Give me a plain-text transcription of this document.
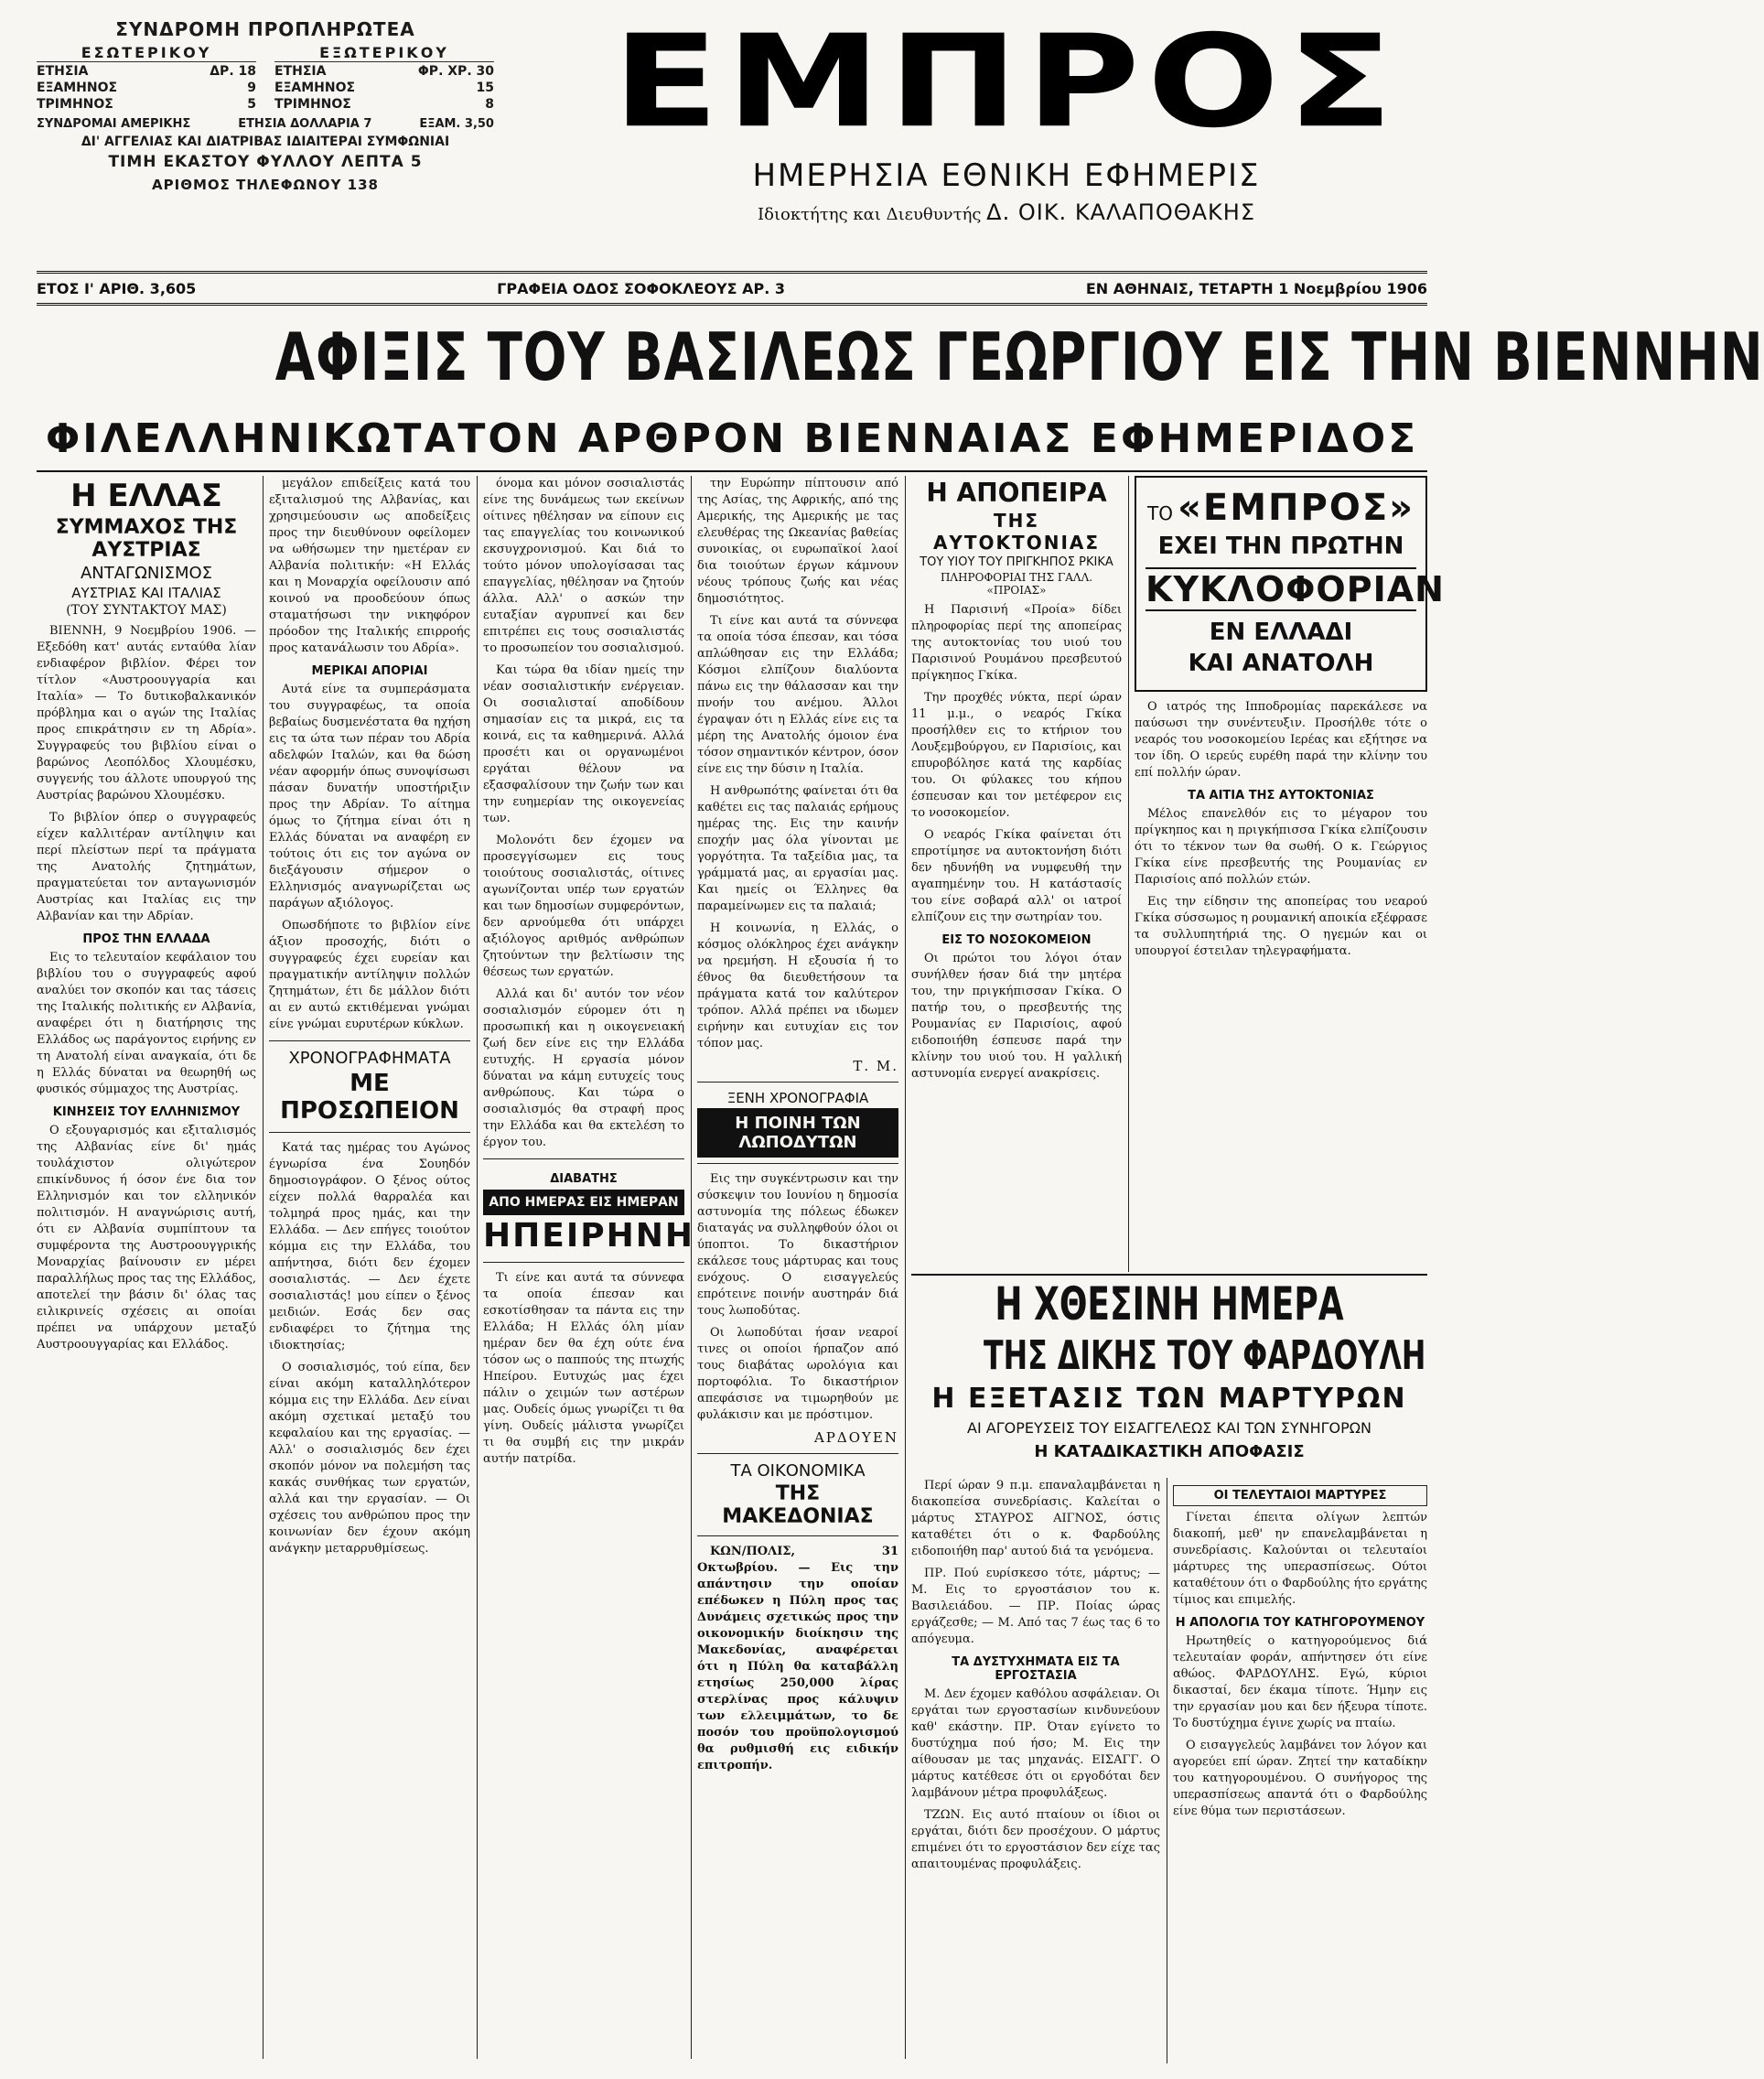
ΣΥΝΔΡΟΜΗ ΠΡΟΠΛΗΡΩΤΕΑ
ΕΣΩΤΕΡΙΚΟΥ
ΕΤΗΣΙΑ	ΔΡ. 18
ΕΞΑΜΗΝΟΣ	9
ΤΡΙΜΗΝΟΣ	5
ΕΞΩΤΕΡΙΚΟΥ
ΕΤΗΣΙΑ	ΦΡ. ΧΡ. 30
ΕΞΑΜΗΝΟΣ	15
ΤΡΙΜΗΝΟΣ	8
ΣΥΝΔΡΟΜΑΙ ΑΜΕΡΙΚΗΣ	ΕΤΗΣΙΑ ΔΟΛΛΑΡΙΑ 7	ΕΞΑΜ. 3,50
ΔΙ' ΑΓΓΕΛΙΑΣ ΚΑΙ ΔΙΑΤΡΙΒΑΣ ΙΔΙΑΙΤΕΡΑΙ ΣΥΜΦΩΝΙΑΙ
ΤΙΜΗ ΕΚΑΣΤΟΥ ΦΥΛΛΟΥ ΛΕΠΤΑ 5
ΑΡΙΘΜΟΣ ΤΗΛΕΦΩΝΟΥ 138
ΕΜΠΡΟΣ
ΗΜΕΡΗΣΙΑ ΕΘΝΙΚΗ ΕΦΗΜΕΡΙΣ
Ιδιοκτήτης και Διευθυντής Δ. ΟΙΚ. ΚΑΛΑΠΟΘΑΚΗΣ
ΕΤΟΣ Ι' ΑΡΙΘ. 3,605	ΓΡΑΦΕΙΑ ΟΔΟΣ ΣΟΦΟΚΛΕΟΥΣ ΑΡ. 3	ΕΝ ΑΘΗΝΑΙΣ, ΤΕΤΑΡΤΗ 1 Νοεμβρίου 1906
ΑΦΙΞΙΣ ΤΟΥ ΒΑΣΙΛΕΩΣ ΓΕΩΡΓΙΟΥ ΕΙΣ ΤΗΝ ΒΙΕΝΝΗΝ
ΦΙΛΕΛΛΗΝΙΚΩΤΑΤΟΝ ΑΡΘΡΟΝ ΒΙΕΝΝΑΙΑΣ ΕΦΗΜΕΡΙΔΟΣ
Η ΕΛΛΑΣ
ΣΥΜΜΑΧΟΣ ΤΗΣ ΑΥΣΤΡΙΑΣ
ΑΝΤΑΓΩΝΙΣΜΟΣ
ΑΥΣΤΡΙΑΣ ΚΑΙ ΙΤΑΛΙΑΣ
(ΤΟΥ ΣΥΝΤΑΚΤΟΥ ΜΑΣ)

ΒΙΕΝΝΗ, 9 Νοεμβρίου 1906. — Εξεδόθη κατ' αυτάς ενταύθα λίαν ενδιαφέρον βιβλίον. Φέρει τον τίτλον «Αυστροουγγαρία και Ιταλία» — Το δυτικοβαλκανικόν πρόβλημα και ο αγών της Ιταλίας προς επικράτησιν εν τη Αδρία». Συγγραφεύς του βιβλίου είναι ο βαρώνος Λεοπόλδος Χλουμέσκυ, συγγενής του άλλοτε υπουργού της Αυστρίας βαρώνου Χλουμέσκυ.

Το βιβλίον όπερ ο συγγραφεύς είχεν καλλιτέραν αντίληψιν και περί πλείστων περί τα πράγματα της Ανατολής ζητημάτων, πραγματεύεται τον ανταγωνισμόν Αυστρίας και Ιταλίας εις την Αλβανίαν και την Αδρίαν.

ΠΡΟΣ ΤΗΝ ΕΛΛΑΔΑ

Εις το τελευταίον κεφάλαιον του βιβλίου του ο συγγραφεύς αφού αναλύει τον σκοπόν και τας τάσεις της Ιταλικής πολιτικής εν Αλβανία, αναφέρει ότι η διατήρησις της Ελλάδος ως παράγοντος ειρήνης εν τη Ανατολή είναι αναγκαία, ότι δε η Ελλάς δύναται να θεωρηθή ως φυσικός σύμμαχος της Αυστρίας.

ΚΙΝΗΣΕΙΣ ΤΟΥ ΕΛΛΗΝΙΣΜΟΥ

Ο εξουγαρισμός και εξιταλισμός της Αλβανίας είνε δι' ημάς τουλάχιστον ολιγώτερον επικίνδυνος ή όσον ένε δια τον Ελληνισμόν και τον ελληνικόν πολιτισμόν. Η αναγνώρισις αυτή, ότι εν Αλβανία συμπίπτουν τα συμφέροντα της Αυστροουγγρικής Μοναρχίας βαίνουσιν εν μέρει παραλλήλως προς τας της Ελλάδος, αποτελεί την βάσιν δι' όλας τας ειλικρινείς σχέσεις αι οποίαι πρέπει να υπάρχουν μεταξύ Αυστροουγγαρίας και Ελλάδος.

μεγάλον επιδείξεις κατά του εξιταλισμού της Αλβανίας, και χρησιμεύουσιν ως αποδείξεις προς την διευθύνουν οφείλομεν να ωθήσωμεν την ημετέραν εν Αλβανία πολιτικήν: «Η Ελλάς και η Μοναρχία οφείλουσιν από κοινού να προοδεύουν όπως σταματήσωσι την νικηφόρον πρόοδον της Ιταλικής επιρροής προς κατανάλωσιν του Αδρία».

ΜΕΡΙΚΑΙ ΑΠΟΡΙΑΙ

Αυτά είνε τα συμπεράσματα του συγγραφέως, τα οποία βεβαίως δυσμενέστατα θα ηχήση εις τα ώτα των πέραν του Αδρία αδελφών Ιταλών, και θα δώση νέαν αφορμήν όπως συνοψίσωσι πάσαν δυνατήν υποστήριξιν προς την Αδρίαν. Το αίτημα όμως το ζήτημα είναι ότι η Ελλάς δύναται να αναφέρη εν τούτοις ότι εις τον αγώνα ον διεξάγουσιν σήμερον ο Ελληνισμός αναγνωρίζεται ως παράγων αξιόλογος.

Οπωσδήποτε το βιβλίον είνε άξιον προσοχής, διότι ο συγγραφεύς έχει ευρείαν και πραγματικήν αντίληψιν πολλών ζητημάτων, έτι δε μάλλον διότι αι εν αυτώ εκτιθέμεναι γνώμαι είνε γνώμαι ευρυτέρων κύκλων.

ΧΡΟΝΟΓΡΑΦΗΜΑΤΑ
ΜΕ ΠΡΟΣΩΠΕΙΟΝ

Κατά τας ημέρας του Αγώνος έγνωρίσα ένα Σουηδόν δημοσιογράφον. Ο ξένος ούτος είχεν πολλά θαρραλέα και τολμηρά προς ημάς, και την Ελλάδα. — Δεν επήγες τοιούτον κόμμα εις την Ελλάδα, του απήντησα, διότι δεν έχομεν σοσιαλιστάς. — Δεν έχετε σοσιαλιστάς! μου είπεν ο ξένος μειδιών. Εσάς δεν σας ενδιαφέρει το ζήτημα της ιδιοκτησίας;

Ο σοσιαλισμός, τού είπα, δεν είναι ακόμη καταλληλότερον κόμμα εις την Ελλάδα. Δεν είναι ακόμη σχετικαί μεταξύ του κεφαλαίου και της εργασίας. — Αλλ' ο σοσιαλισμός δεν έχει σκοπόν μόνον να πολεμήση τας κακάς συνθήκας των εργατών, αλλά και την εργασίαν. — Οι σχέσεις του ανθρώπου προς την κοινωνίαν δεν έχουν ακόμη ανάγκην μεταρρυθμίσεως.

όνομα και μόνον σοσιαλιστάς είνε της δυνάμεως των εκείνων οίτινες ηθέλησαν να είπουν εις τας επαγγελίας του κοινωνικού εκσυγχρονισμού. Και διά το τούτο μόνον υπολογίσασαι τας επαγγελίας, ηθέλησαν να ζητούν άλλα. Αλλ' ο ασκών την ευταξίαν αγρυπνεί και δεν επιτρέπει εις τους σοσιαλιστάς το προσωπείον του σοσιαλισμού.

Και τώρα θα ιδίαν ημείς την νέαν σοσιαλιστικήν ενέργειαν. Οι σοσιαλισταί αποδίδουν σημασίαν εις τα μικρά, εις τα κοινά, εις τα καθημερινά. Αλλά προσέτι και οι οργανωμένοι εργάται θέλουν να εξασφαλίσουν την ζωήν των και την ευημερίαν της οικογενείας των.

Μολονότι δεν έχομεν να προσεγγίσωμεν εις τους τοιούτους σοσιαλιστάς, οίτινες αγωνίζονται υπέρ των εργατών και των δημοσίων συμφερόντων, δεν αρνούμεθα ότι υπάρχει αξιόλογος αριθμός ανθρώπων ζητούντων την βελτίωσιν της θέσεως των εργατών.

Αλλά και δι' αυτόν τον νέον σοσιαλισμόν εύρομεν ότι η προσωπική και η οικογενειακή ζωή δεν είνε εις την Ελλάδα ευτυχής. Η εργασία μόνον δύναται να κάμη ευτυχείς τους ανθρώπους. Και τώρα ο σοσιαλισμός θα στραφή προς την Ελλάδα και θα εκτελέση το έργον του.

ΔΙΑΒΑΤΗΣ
ΑΠΟ ΗΜΕΡΑΣ ΕΙΣ ΗΜΕΡΑΝ
ΗΠΕΙΡΗΝΗ

Τι είνε και αυτά τα σύννεφα τα οποία έπεσαν και εσκοτίσθησαν τα πάντα εις την Ελλάδα; Η Ελλάς όλη μίαν ημέραν δεν θα έχη ούτε ένα τόσον ως ο παππούς της πτωχής Ηπείρου. Ευτυχώς μας έχει πάλιν ο χειμών των αστέρων μας. Ουδείς όμως γνωρίζει τι θα γίνη. Ουδείς μάλιστα γνωρίζει τι θα συμβή εις την μικράν αυτήν πατρίδα.

την Ευρώπην πίπτουσιν από της Ασίας, της Αφρικής, από της Αμερικής, της Αμερικής με τας ελευθέρας της Ωκεανίας βαθείας συνοικίας, οι ευρωπαϊκοί λαοί δια τοιούτων έργων κάμνουν νέους τρόπους ζωής και νέας δημοσιότητος.

Τι είνε και αυτά τα σύννεφα τα οποία τόσα έπεσαν, και τόσα απλώθησαν εις την Ελλάδα; Κόσμοι ελπίζουν διαλύοντα πάνω εις την θάλασσαν και την πνοήν του ανέμου. Άλλοι έγραψαν ότι η Ελλάς είνε εις τα μέρη της Ανατολής όμοιον ένα τόσον σημαντικόν κέντρον, όσον είνε εις την δύσιν η Ιταλία.

Η ανθρωπότης φαίνεται ότι θα καθέτει εις τας παλαιάς ερήμους ημέρας της. Εις την καινήν εποχήν μας όλα γίνονται με γοργότητα. Τα ταξείδια μας, τα γράμματά μας, αι εργασίαι μας. Και ημείς οι Έλληνες θα παραμείνωμεν εις τα παλαιά;

Η κοινωνία, η Ελλάς, ο κόσμος ολόκληρος έχει ανάγκην να ηρεμήση. Η εξουσία ή το έθνος θα διευθετήσουν τα πράγματα κατά τον καλύτερον τρόπον. Αλλά πρέπει να ιδωμεν ειρήνην και ευτυχίαν εις τον τόπον μας.

Τ. Μ.
ΞΕΝΗ ΧΡΟΝΟΓΡΑΦΙΑ
Η ΠΟΙΝΗ ΤΩΝ ΛΩΠΟΔΥΤΩΝ

Εις την συγκέντρωσιν και την σύσκεψιν του Ιουνίου η δημοσία αστυνομία της πόλεως έδωκεν διαταγάς να συλληφθούν όλοι οι ύποπτοι. Το δικαστήριον εκάλεσε τους μάρτυρας και τους ενόχους. Ο εισαγγελεύς επρότεινε ποινήν αυστηράν διά τους λωποδύτας.

Οι λωποδύται ήσαν νεαροί τινες οι οποίοι ήρπαζον από τους διαβάτας ωρολόγια και πορτοφόλια. Το δικαστήριον απεφάσισε να τιμωρηθούν με φυλάκισιν και με πρόστιμον.

ΑΡΔΟΥΕΝ
ΤΑ ΟΙΚΟΝΟΜΙΚΑ
ΤΗΣ ΜΑΚΕΔΟΝΙΑΣ

ΚΩΝ/ΠΟΛΙΣ, 31 Οκτωβρίου. — Εις την απάντησιν την οποίαν επέδωκεν η Πύλη προς τας Δυνάμεις σχετικώς προς την οικονομικήν διοίκησιν της Μακεδονίας, αναφέρεται ότι η Πύλη θα καταβάλλη ετησίως 250,000 λίρας στερλίνας προς κάλυψιν των ελλειμμάτων, το δε ποσόν του προϋπολογισμού θα ρυθμισθή εις ειδικήν επιτροπήν.

Η ΑΠΟΠΕΙΡΑ
ΤΗΣ ΑΥΤΟΚΤΟΝΙΑΣ
ΤΟΥ ΥΙΟΥ ΤΟΥ ΠΡΙΓΚΗΠΟΣ ΡΚΙΚΑ
ΠΛΗΡΟΦΟΡΙΑΙ ΤΗΣ ΓΑΛΛ. «ΠΡΟΙΑΣ»

Η Παρισινή «Προία» δίδει πληροφορίας περί της αποπείρας της αυτοκτονίας του υιού του Παρισινού Ρουμάνου πρεσβευτού πρίγκηπος Γκίκα.

Την προχθές νύκτα, περί ώραν 11 μ.μ., ο νεαρός Γκίκα προσήλθεν εις το κτήριον του Λουξεμβούργου, εν Παρισίοις, και επυροβόλησε κατά της καρδίας του. Οι φύλακες του κήπου έσπευσαν και τον μετέφερον εις το νοσοκομείον.

Ο νεαρός Γκίκα φαίνεται ότι επροτίμησε να αυτοκτονήση διότι δεν ηδυνήθη να νυμφευθή την αγαπημένην του. Η κατάστασίς του είνε σοβαρά αλλ' οι ιατροί ελπίζουν εις την σωτηρίαν του.

ΕΙΣ ΤΟ ΝΟΣΟΚΟΜΕΙΟΝ

Οι πρώτοι του λόγοι όταν συνήλθεν ήσαν διά την μητέρα του, την πριγκήπισσαν Γκίκα. Ο πατήρ του, ο πρεσβευτής της Ρουμανίας εν Παρισίοις, αφού ειδοποιήθη έσπευσε παρά την κλίνην του υιού του. Η γαλλική αστυνομία ενεργεί ανακρίσεις.

ΤΟ «ΕΜΠΡΟΣ»
ΕΧΕΙ ΤΗΝ ΠΡΩΤΗΝ
ΚΥΚΛΟΦΟΡΙΑΝ
ΕΝ ΕΛΛΑΔΙ
ΚΑΙ ΑΝΑΤΟΛΗ

Ο ιατρός της Ιπποδρομίας παρεκάλεσε να παύσωσι την συνέντευξιν. Προσήλθε τότε ο νεαρός του νοσοκομείου Ιερέας και εξήτησε να τον ίδη. Ο ιερεύς ευρέθη παρά την κλίνην του επί πολλήν ώραν.

ΤΑ ΑΙΤΙΑ ΤΗΣ ΑΥΤΟΚΤΟΝΙΑΣ

Μέλος επανελθόν εις το μέγαρον του πρίγκηπος και η πριγκήπισσα Γκίκα ελπίζουσιν ότι το τέκνον των θα σωθή. Ο κ. Γεώργιος Γκίκα είνε πρεσβευτής της Ρουμανίας εν Παρισίοις από πολλών ετών.

Εις την είδησιν της αποπείρας του νεαρού Γκίκα σύσσωμος η ρουμανική αποικία εξέφρασε τα συλλυπητήριά της. Ο ηγεμών και οι υπουργοί έστειλαν τηλεγραφήματα.

Η ΧΘΕΣΙΝΗ ΗΜΕΡΑ
ΤΗΣ ΔΙΚΗΣ ΤΟΥ ΦΑΡΔΟΥΛΗ
Η ΕΞΕΤΑΣΙΣ ΤΩΝ ΜΑΡΤΥΡΩΝ
ΑΙ ΑΓΟΡΕΥΣΕΙΣ ΤΟΥ ΕΙΣΑΓΓΕΛΕΩΣ ΚΑΙ ΤΩΝ ΣΥΝΗΓΟΡΩΝ
Η ΚΑΤΑΔΙΚΑΣΤΙΚΗ ΑΠΟΦΑΣΙΣ

Περί ώραν 9 π.μ. επαναλαμβάνεται η διακοπείσα συνεδρίασις. Καλείται ο μάρτυς ΣΤΑΥΡΟΣ ΑΙΓΝΟΣ, όστις καταθέτει ότι ο κ. Φαρδούλης ειδοποιήθη παρ' αυτού διά τα γενόμενα.

ΠΡ. Πού ευρίσκεσο τότε, μάρτυς; — Μ. Εις το εργοστάσιον του κ. Βασιλειάδου. — ΠΡ. Ποίας ώρας εργάζεσθε; — Μ. Από τας 7 έως τας 6 το απόγευμα.

ΤΑ ΔΥΣΤΥΧΗΜΑΤΑ ΕΙΣ ΤΑ ΕΡΓΟΣΤΑΣΙΑ

Μ. Δεν έχομεν καθόλου ασφάλειαν. Οι εργάται των εργοστασίων κινδυνεύουν καθ' εκάστην. ΠΡ. Όταν εγίνετο το δυστύχημα πού ήσο; Μ. Εις την αίθουσαν με τας μηχανάς. ΕΙΣΑΓΓ. Ο μάρτυς κατέθεσε ότι οι εργοδόται δεν λαμβάνουν μέτρα προφυλάξεως.

ΤΖΩΝ. Εις αυτό πταίουν οι ίδιοι οι εργάται, διότι δεν προσέχουν. Ο μάρτυς επιμένει ότι το εργοστάσιον δεν είχε τας απαιτουμένας προφυλάξεις.

ΟΙ ΤΕΛΕΥΤΑΙΟΙ ΜΑΡΤΥΡΕΣ

Γίνεται έπειτα ολίγων λεπτών διακοπή, μεθ' ην επανελαμβάνεται η συνεδρίασις. Καλούνται οι τελευταίοι μάρτυρες της υπερασπίσεως. Ούτοι καταθέτουν ότι ο Φαρδούλης ήτο εργάτης τίμιος και επιμελής.

Η ΑΠΟΛΟΓΙΑ ΤΟΥ ΚΑΤΗΓΟΡΟΥΜΕΝΟΥ

Ηρωτηθείς ο κατηγορούμενος διά τελευταίαν φοράν, απήντησεν ότι είνε αθώος. ΦΑΡΔΟΥΛΗΣ. Εγώ, κύριοι δικασταί, δεν έκαμα τίποτε. Ήμην εις την εργασίαν μου και δεν ήξευρα τίποτε. Το δυστύχημα έγινε χωρίς να πταίω.

Ο εισαγγελεύς λαμβάνει τον λόγον και αγορεύει επί ώραν. Ζητεί την καταδίκην του κατηγορουμένου. Ο συνήγορος της υπερασπίσεως απαντά ότι ο Φαρδούλης είνε θύμα των περιστάσεων.
